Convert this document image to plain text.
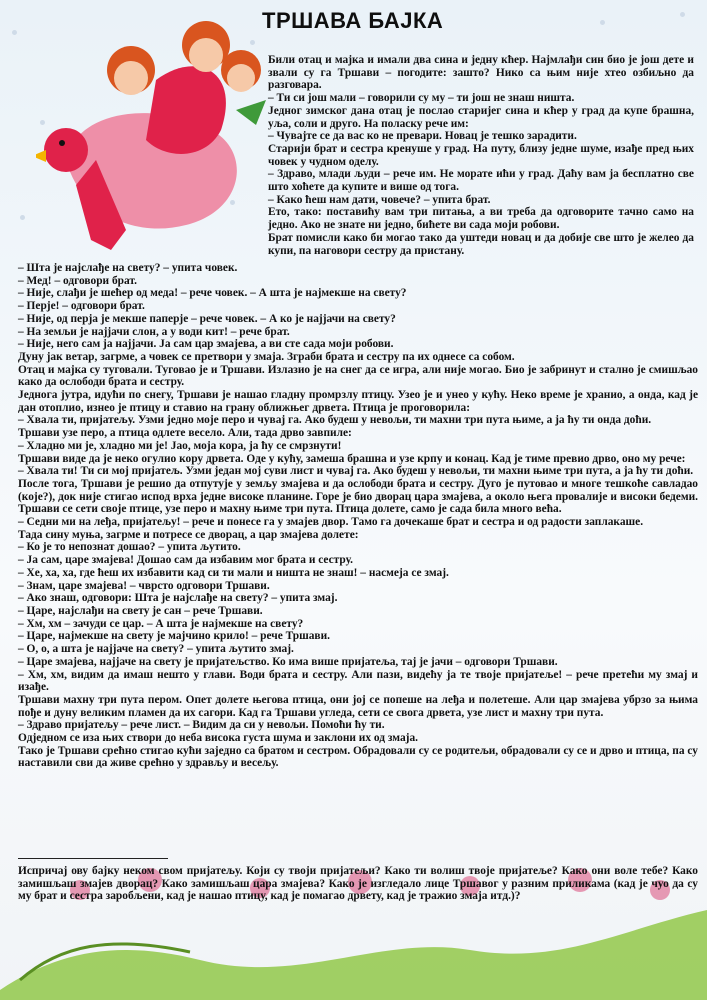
ТРШАВА БАЈКА

Били отац и мајка и имали два сина и једну кћер. Најмлађи син био је још дете и звали су га Тршави – погодите: зашто? Нико са њим није хтео озбиљно да разговара.

– Ти си још мали – говорили су му – ти још не знаш ништа.

Једног зимског дана отац је послао старијег сина и кћер у град да купе брашна, уља, соли и друго. На поласку рече им:

– Чувајте се да вас ко не превари. Новац је тешко зарадити.

Старији брат и сестра кренуше у град. На путу, близу једне шуме, изађе пред њих човек у чудном оделу.

– Здраво, млади људи – рече им. Не морате ићи у град. Даћу вам ја бесплатно све што хоћете да купите и више од тога.

– Како ћеш нам дати, човече? – упита брат.

Ето, тако: поставићу вам три питања, а ви треба да одговорите тачно само на једно. Ако не знате ни једно, бићете ви сада моји робови.

Брат помисли како би могао тако да уштеди новац и да добије све што је желео да купи, па наговори сестру да пристану.

– Шта је најслађе на свету? – упита човек.

– Мед! – одговори брат.

– Није, слађи је шећер од меда! – рече човек. – А шта је најмекше на свету?

– Перје! – одговори брат.

– Није, од перја је мекше паперје – рече човек. – А ко је најјачи на свету?

– На земљи је најјачи слон, а у води кит! – рече брат.

– Није, него сам ја најјачи. Ја сам цар змајева, а ви сте сада моји робови.

Дуну јак ветар, загрме, а човек се претвори у змаја. Зграби брата и сестру па их однесе са собом.

Отац и мајка су туговали. Туговао је и Тршави. Излазио је на снег да се игра, али није могао. Био је забринут и стално је смишљао како да ослободи брата и сестру.

Једнога јутра, идући по снегу, Тршави је нашао гладну промрзлу птицу. Узео је и унео у кућу. Неко време је хранио, а онда, кад је дан отоплио, изнео је птицу и ставио на грану оближњег дрвета. Птица је проговорила:

– Хвала ти, пријатељу. Узми једно моје перо и чувај га. Ако будеш у невољи, ти махни три пута њиме, а ја ћу ти онда доћи.

Тршави узе перо, а птица одлете весело. Али, тада дрво завпиле:

– Хладно ми је, хладно ми је! Јао, моја кора, ја ћу се смрзнути!

Тршави виде да је неко огулио кору дрвета. Оде у кућу, замеша брашна и узе крпу и конац. Кад је тиме превио дрво, оно му рече:

– Хвала ти! Ти си мој пријатељ. Узми један мој суви лист и чувај га. Ако будеш у невољи, ти махни њиме три пута, а ја ћу ти доћи.

После тога, Тршави је решио да отпутује у земљу змајева и да ослободи брата и сестру. Дуго је путовао и многе тешкоће савладао (које?), док није стигао испод врха једне високе планине. Горе је био дворац цара змајева, а около њега провалије и високи бедеми. Тршави се сети своје птице, узе перо и махну њиме три пута. Птица долете, само је сада била много већа.

– Седни ми на леђа, пријатељу! – рече и понесе га у змајев двор. Тамо га дочекаше брат и сестра и од радости заплакаше.

Тада сину муња, загрме и потресе се дворац, а цар змајева долете:

– Ко је то непознат дошао? – упита љутито.

– Ја сам, царе змајева! Дошао сам да избавим мог брата и сестру.

– Хе, ха, ха, где ћеш их избавити кад си ти мали и ништа не знаш! – насмеја се змај.

– Знам, царе змајева! – чврсто одговори Тршави.

– Ако знаш, одговори: Шта је најслађе на свету? – упита змај.

– Царе, најслађи на свету је сан – рече Тршави.

– Хм, хм – зачуди се цар. – А шта је најмекше на свету?

– Царе, најмекше на свету је мајчино крило! – рече Тршави.

– О, о, а шта је најјаче на свету? – упита љутито змај.

– Царе змајева, најјаче на свету је пријатељство. Ко има више пријатеља, тај је јачи – одговори Тршави.

– Хм, хм, видим да имаш нешто у глави. Води брата и сестру. Али пази, видећу ја те твоје пријатеље! – рече претећи му змај и изађе.

Тршави махну три пута пером. Опет долете његова птица, они јој се попеше на леђа и полетеше. Али цар змајева убрзо за њима пође и дуну великим пламен да их сагори. Кад га Тршави угледа, сети се свога дрвета, узе лист и махну три пута.

– Здраво пријатељу – рече лист. – Видим да си у невољи. Помоћи ћу ти.

Одједном се иза њих створи до неба висока густа шума и заклони их од змаја.

Тако је Тршави срећно стигао кући заједно са братом и сестром. Обрадовали су се родитељи, обрадовали су се и дрво и птица, па су наставили сви да живе срећно у здрављу и весељу.

Испричај ову бајку неком свом пријатељу. Који су твоји пријатељи? Како ти волиш твоје пријатеље? Како они воле тебе? Како замишљаш змајев дворац? Како замишљаш цара змајева? Како је изгледало лице Тршавог у разним приликама (кад је чуо да су му брат и сестра заробљени, кад је нашао птицу, кад је помагао дрвету, кад је тражио змаја итд.)?
